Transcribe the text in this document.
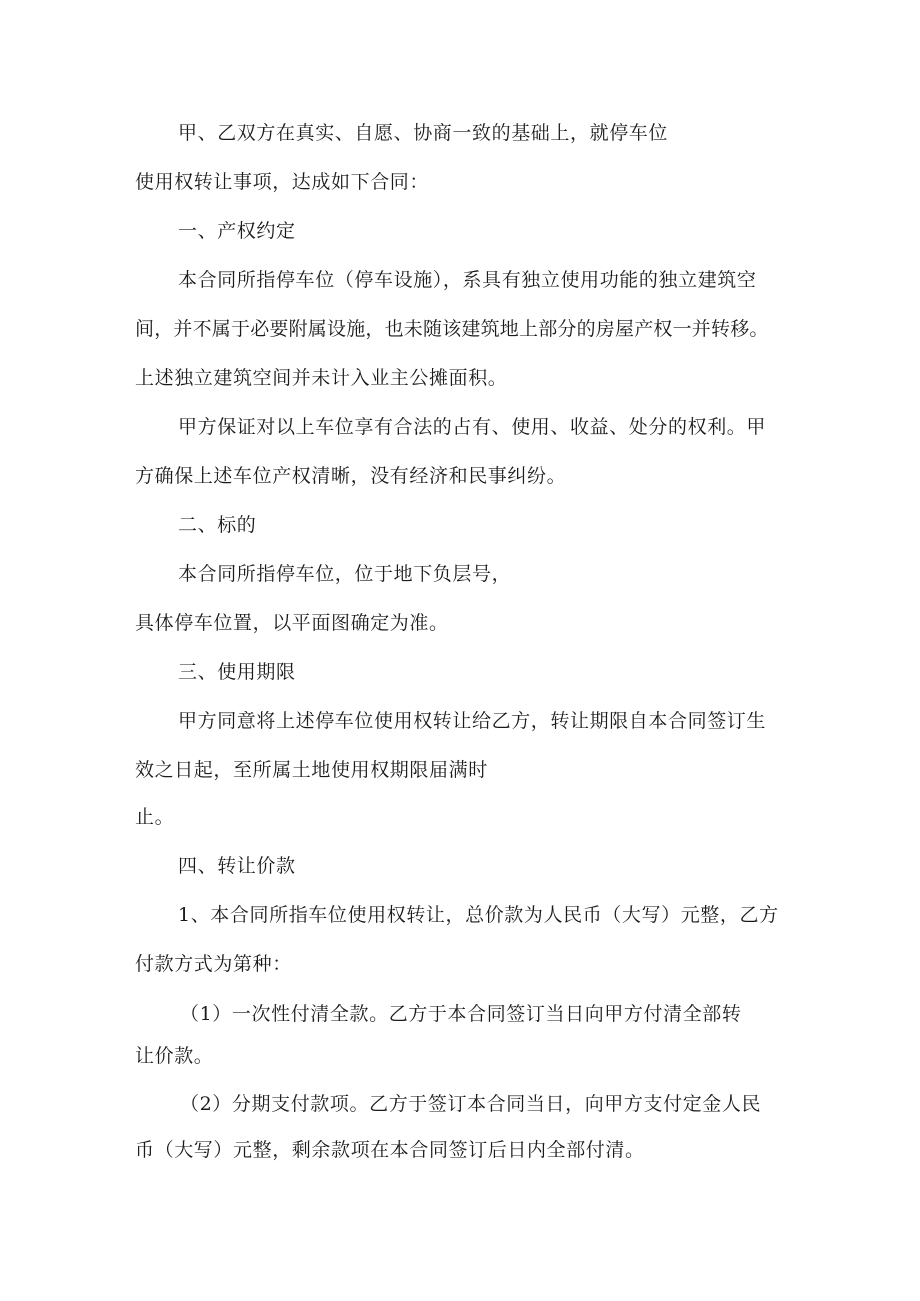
甲、乙双方在真实、自愿、协商一致的基础上，就停车位
使用权转让事项，达成如下合同：
一、产权约定
本合同所指停车位（停车设施），系具有独立使用功能的独立建筑空
间，并不属于必要附属设施，也未随该建筑地上部分的房屋产权一并转移。
上述独立建筑空间并未计入业主公摊面积。
甲方保证对以上车位享有合法的占有、使用、收益、处分的权利。甲
方确保上述车位产权清晰，没有经济和民事纠纷。
二、标的
本合同所指停车位，位于地下负层号，
具体停车位置，以平面图确定为准。
三、使用期限
甲方同意将上述停车位使用权转让给乙方，转让期限自本合同签订生
效之日起，至所属土地使用权期限届满时
止。
四、转让价款
1、本合同所指车位使用权转让，总价款为人民币（大写）元整，乙方
付款方式为第种：
（1）一次性付清全款。乙方于本合同签订当日向甲方付清全部转
让价款。
（2）分期支付款项。乙方于签订本合同当日，向甲方支付定金人民
币（大写）元整，剩余款项在本合同签订后日内全部付清。
